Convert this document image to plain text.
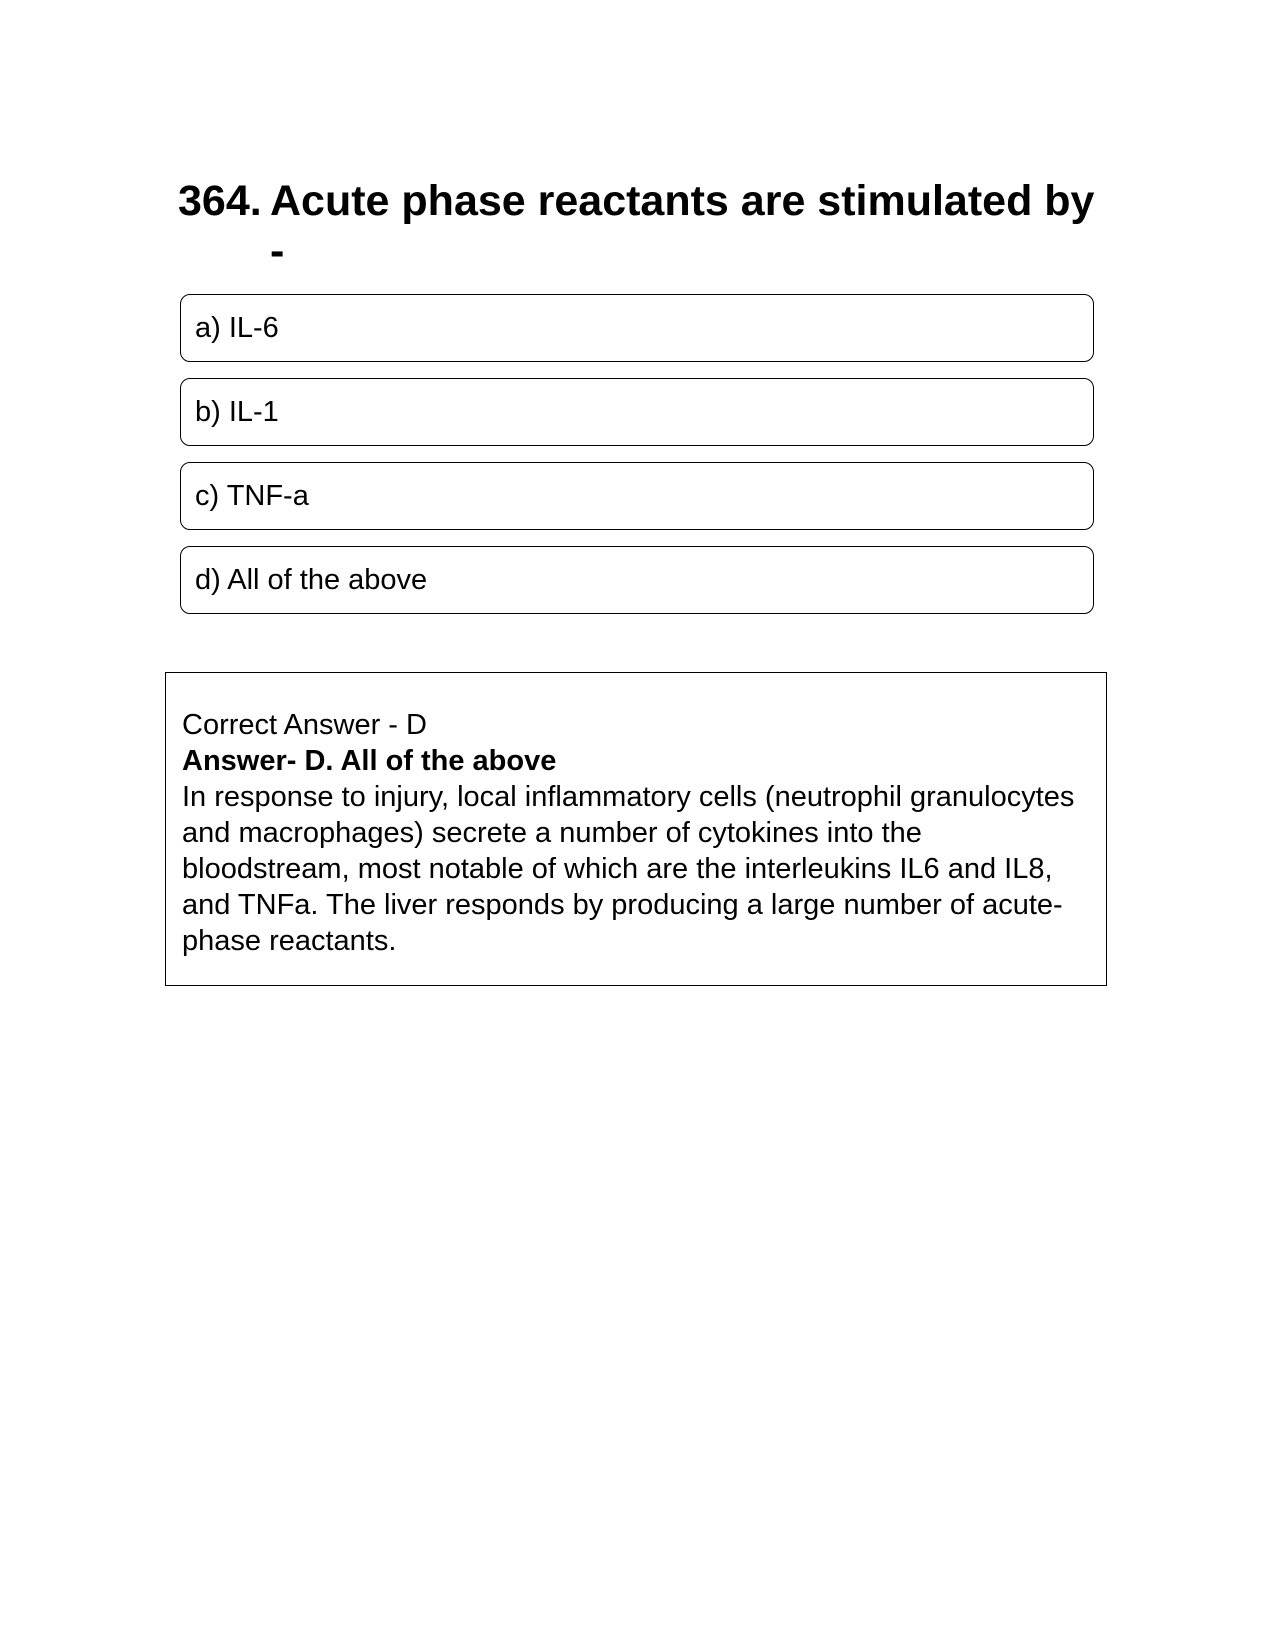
364. Acute phase reactants are stimulated by -
a) IL-6
b) IL-1
c) TNF-a
d) All of the above
Correct Answer - D
Answer- D. All of the above
In response to injury, local inflammatory cells (neutrophil granulocytes and macrophages) secrete a number of cytokines into the bloodstream, most notable of which are the interleukins IL6 and IL8, and TNFa. The liver responds by producing a large number of acute-phase reactants.
